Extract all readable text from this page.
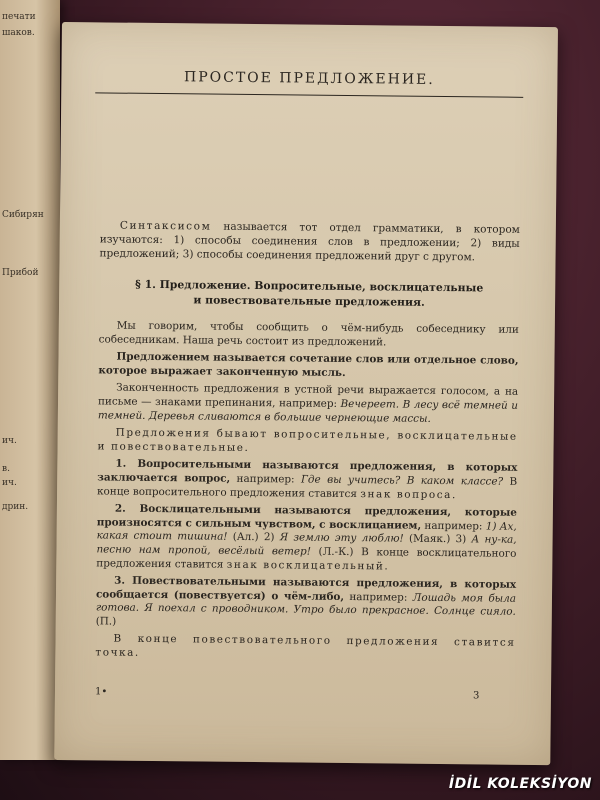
печати
шаков.
Сибирян
Прибой
ич.
в.
ич.
дрин.
ПРОСТОЕ ПРЕДЛОЖЕНИЕ.

Синтаксисом называется тот отдел грамматики, в котором изучаются: 1) способы соединения слов в предложении; 2) виды предложений; 3) способы соединения предложений друг с другом.

§ 1. Предложение. Вопросительные, восклицательные
и повествовательные предложения.

Мы говорим, чтобы сообщить о чём-нибудь собеседнику или собеседникам. Наша речь состоит из предложений.

Предложением называется сочетание слов или отдельное слово, которое выражает законченную мысль.

Законченность предложения в устной речи выражается голосом, а на письме — знаками препинания, например: Вечереет. В лесу всё темней и темней. Деревья сливаются в большие чернеющие массы.

Предложения бывают вопросительные, восклицательные и повествовательные.

1. Вопросительными называются предложения, в которых заключается вопрос, например: Где вы учитесь? В каком классе? В конце вопросительного предложения ставится знак вопроса.

2. Восклицательными называются предложения, которые произносятся с сильным чувством, с восклицанием, например: 1) Ах, какая стоит тишина! (Ал.) 2) Я землю эту люблю! (Маяк.) 3) А ну-ка, песню нам пропой, весёлый ветер! (Л.-К.) В конце восклицательного предложения ставится знак восклицательный.

3. Повествовательными называются предложения, в которых сообщается (повествуется) о чём-либо, например: Лошадь моя была готова. Я поехал с проводником. Утро было прекрасное. Солнце сияло. (П.)

В конце повествовательного предложения ставится точка.

1•	3
İDİL KOLEKSİYON
